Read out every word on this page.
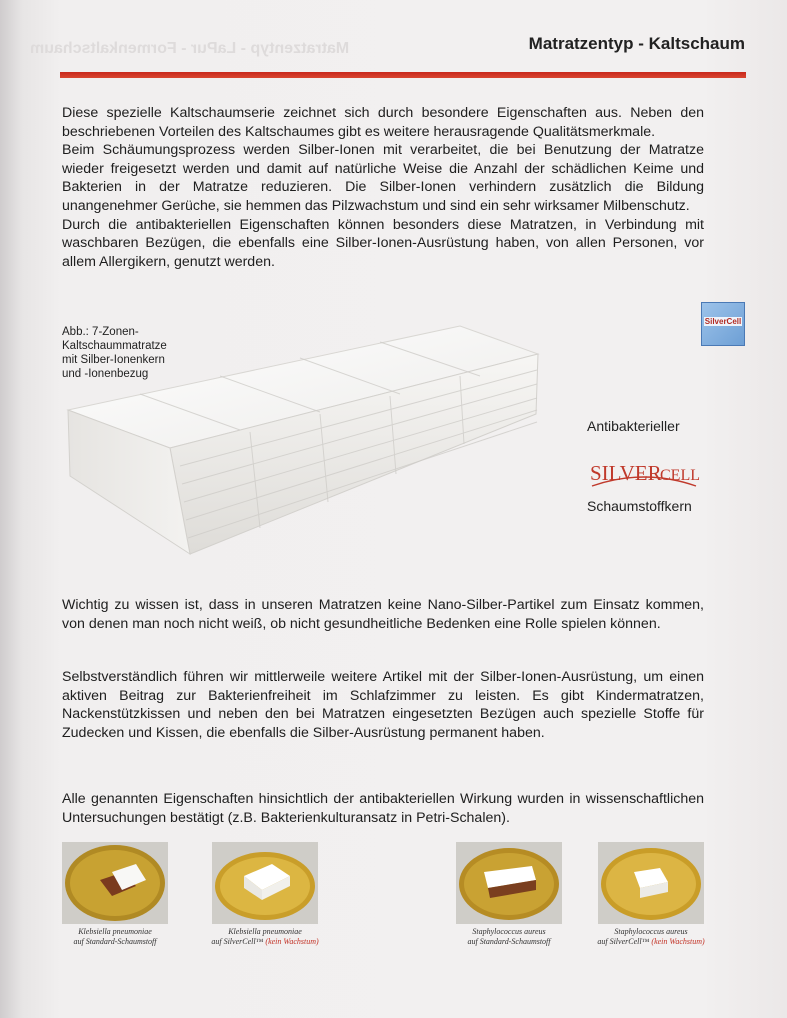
Matratzentyp - LaPur - Formenkaltschaum	Matratzentyp - Kaltschaum

Diese spezielle Kaltschaumserie zeichnet sich durch besondere Eigenschaften aus. Neben den beschriebenen Vorteilen des Kaltschaumes gibt es weitere herausragende Qualitätsmerkmale.

Beim Schäumungsprozess werden Silber-Ionen mit verarbeitet, die bei Benutzung der Matratze wieder freigesetzt werden und damit auf natürliche Weise die Anzahl der schädlichen Keime und Bakterien in der Matratze reduzieren. Die Silber-Ionen verhindern zusätzlich die Bildung unangenehmer Gerüche, sie hemmen das Pilzwachstum und sind ein sehr wirksamer Milbenschutz.

Durch die antibakteriellen Eigenschaften können besonders diese Matratzen, in Verbindung mit waschbaren Bezügen, die ebenfalls eine Silber-Ionen-Ausrüstung haben, von allen Personen, vor allem Allergikern, genutzt werden.

Abb.: 7-Zonen-
Kaltschaummatratze
mit Silber-Ionenkern
und -Ionenbezug
SilverCell
Antibakterieller
SILVER
CELL
Schaumstoffkern
Wichtig zu wissen ist, dass in unseren Matratzen keine Nano-Silber-Partikel zum Einsatz kommen, von denen man noch nicht weiß, ob nicht gesundheitliche Bedenken eine Rolle spielen können.
Selbstverständlich führen wir mittlerweile weitere Artikel mit der Silber-Ionen-Ausrüstung, um einen aktiven Beitrag zur Bakterienfreiheit im Schlafzimmer zu leisten. Es gibt Kindermatratzen, Nackenstützkissen und neben den bei Matratzen eingesetzten Bezügen auch spezielle Stoffe für Zudecken und Kissen, die ebenfalls die Silber-Ausrüstung permanent haben.
Alle genannten Eigenschaften hinsichtlich der antibakteriellen Wirkung wurden in wissenschaftlichen Untersuchungen bestätigt (z.B. Bakterienkulturansatz in Petri-Schalen).
Klebsiella pneumoniae
auf Standard-Schaumstoff
Klebsiella pneumoniae
auf SilverCell™ (kein Wachstum)
Staphylococcus aureus
auf Standard-Schaumstoff
Staphylococcus aureus
auf SilverCell™ (kein Wachstum)
